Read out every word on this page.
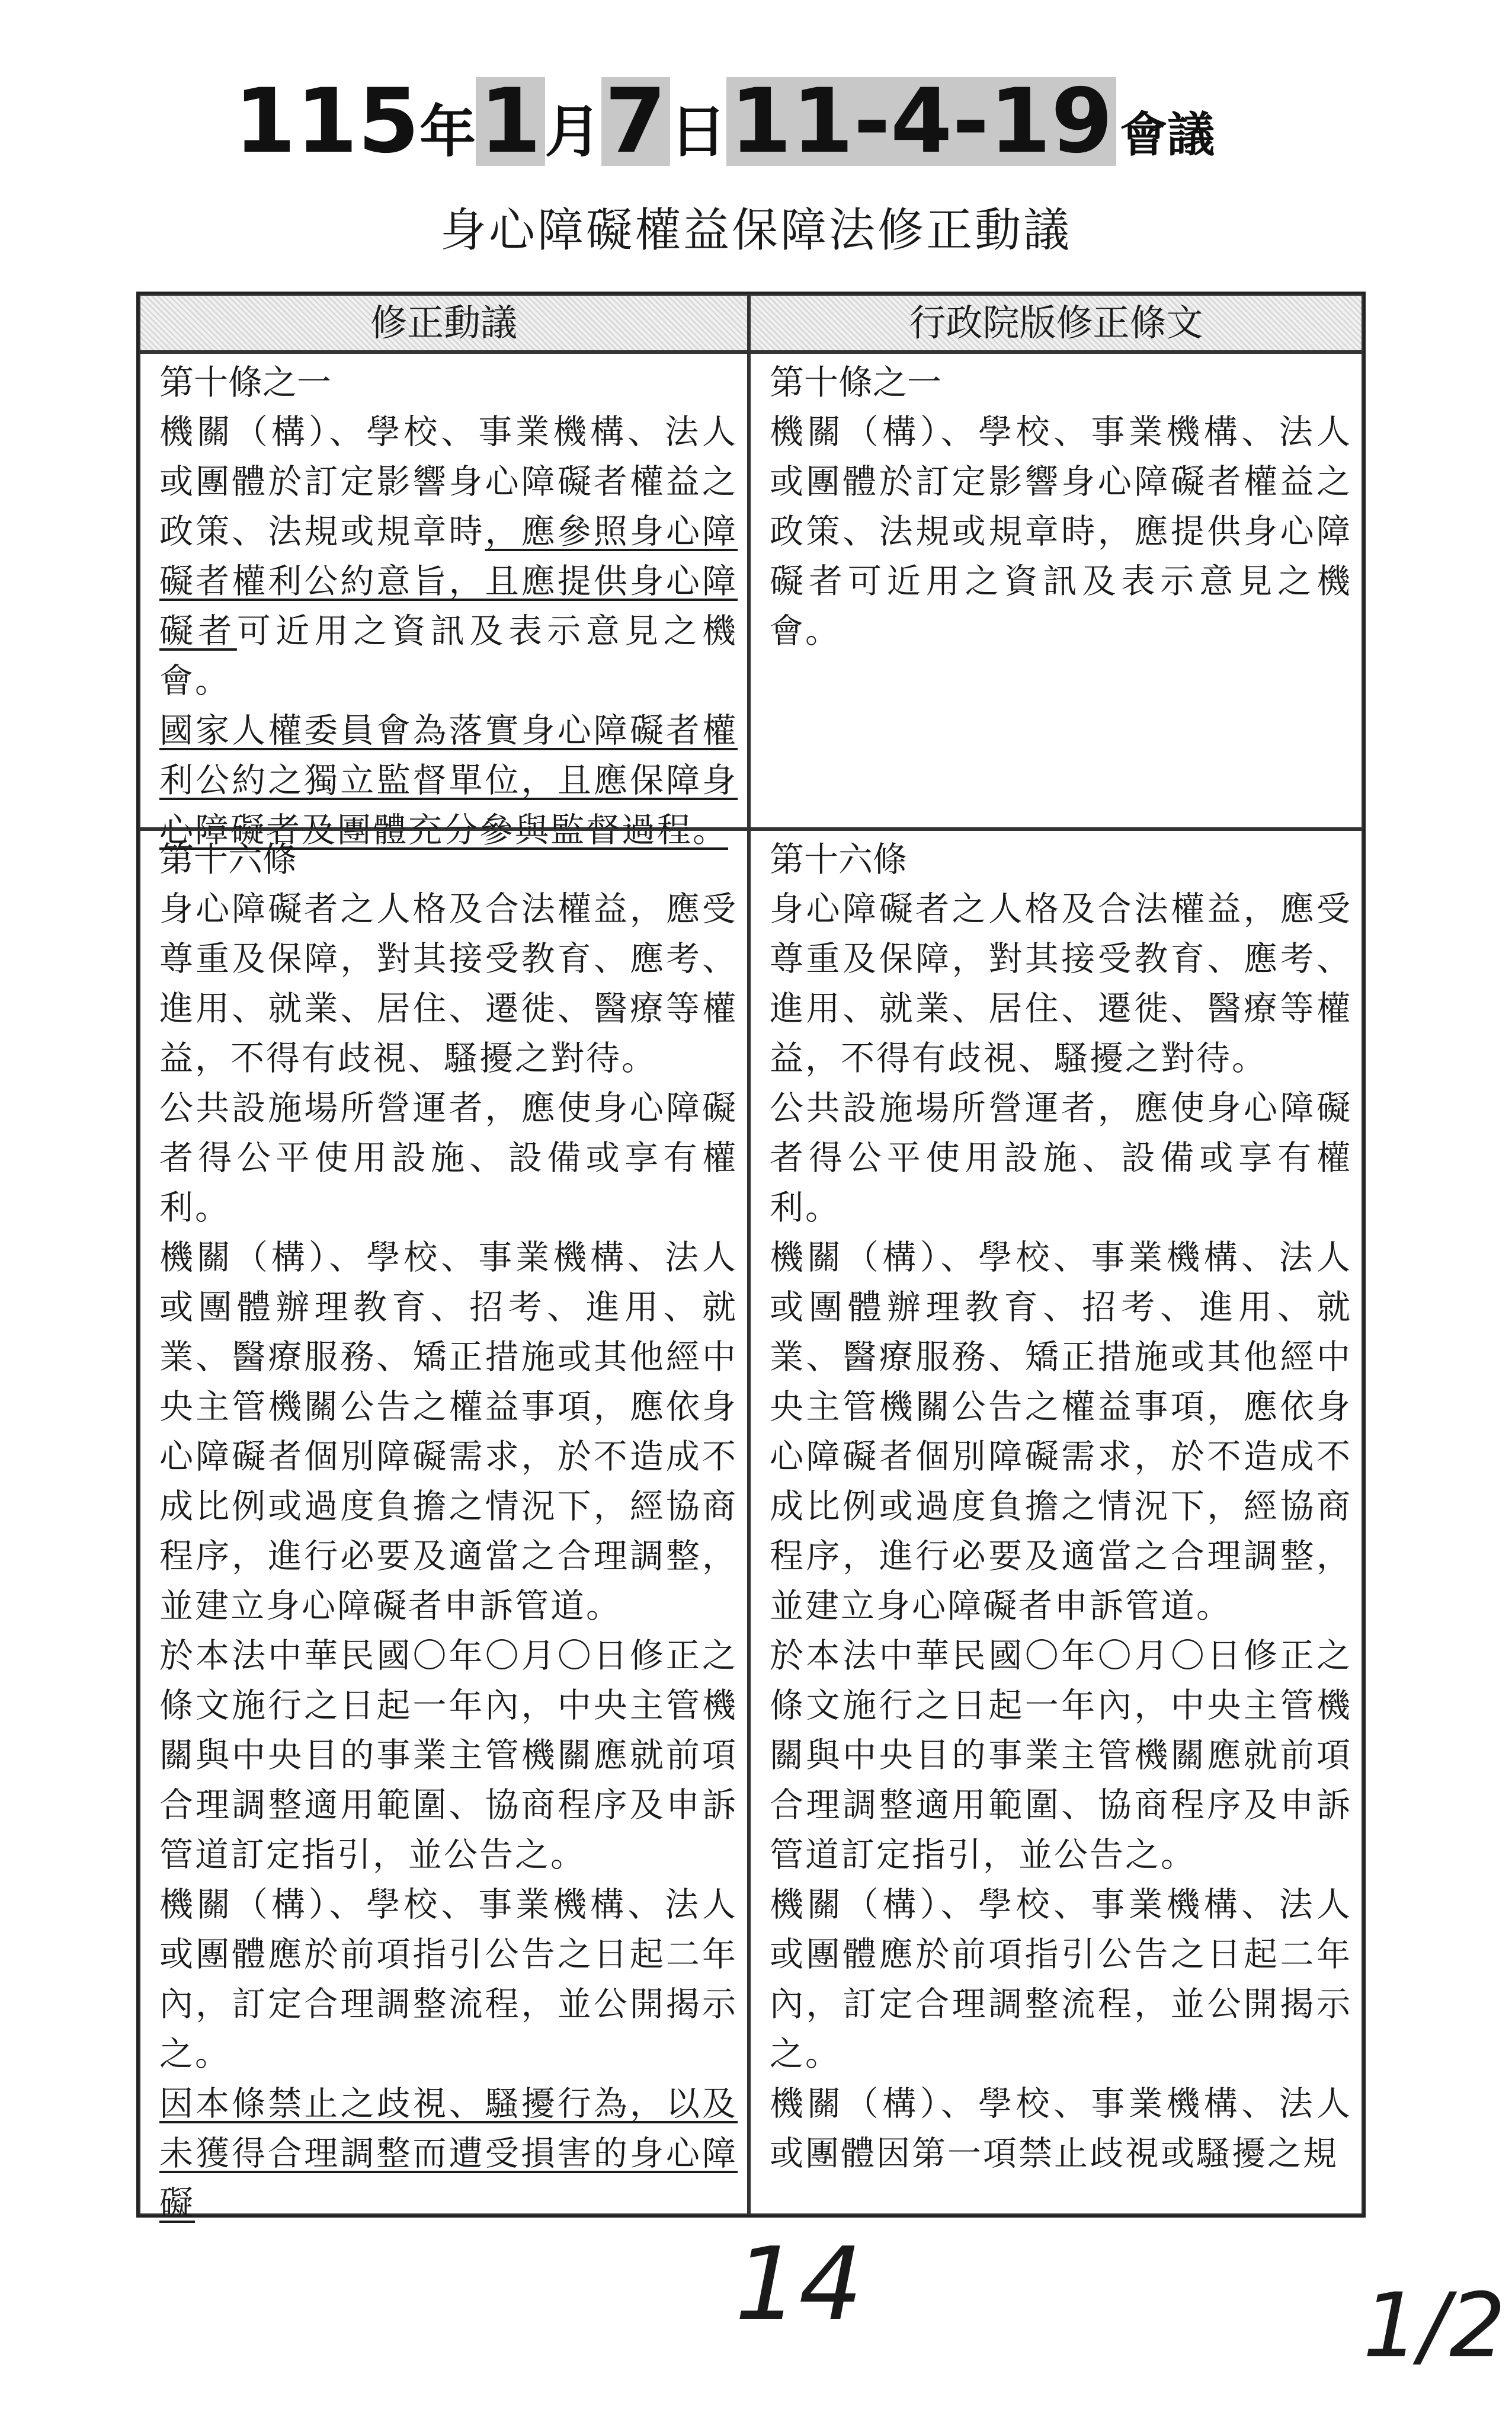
115 年 1 月 7 日 11-4-19 會議
身心障礙權益保障法修正動議
修正動議	行政院版修正條文
第十條之一
機關（構）、學校、事業機構、法人或團體於訂定影響身心障礙者權益之政策、法規或規章時，應參照身心障礙者權利公約意旨，且應提供身心障礙者可近用之資訊及表示意見之機會。
國家人權委員會為落實身心障礙者權利公約之獨立監督單位，且應保障身心障礙者及團體充分參與監督過程。
第十條之一
機關（構）、學校、事業機構、法人或團體於訂定影響身心障礙者權益之政策、法規或規章時，應提供身心障礙者可近用之資訊及表示意見之機會。
第十六條
身心障礙者之人格及合法權益，應受尊重及保障，對其接受教育、應考、進用、就業、居住、遷徙、醫療等權益，不得有歧視、騷擾之對待。
公共設施場所營運者，應使身心障礙者得公平使用設施、設備或享有權利。
機關（構）、學校、事業機構、法人或團體辦理教育、招考、進用、就業、醫療服務、矯正措施或其他經中央主管機關公告之權益事項，應依身心障礙者個別障礙需求，於不造成不成比例或過度負擔之情況下，經協商程序，進行必要及適當之合理調整，並建立身心障礙者申訴管道。
於本法中華民國〇年〇月〇日修正之條文施行之日起一年內，中央主管機關與中央目的事業主管機關應就前項合理調整適用範圍、協商程序及申訴管道訂定指引，並公告之。
機關（構）、學校、事業機構、法人或團體應於前項指引公告之日起二年內，訂定合理調整流程，並公開揭示之。
因本條禁止之歧視、騷擾行為，以及未獲得合理調整而遭受損害的身心障礙
第十六條
身心障礙者之人格及合法權益，應受尊重及保障，對其接受教育、應考、進用、就業、居住、遷徙、醫療等權益，不得有歧視、騷擾之對待。
公共設施場所營運者，應使身心障礙者得公平使用設施、設備或享有權利。
機關（構）、學校、事業機構、法人或團體辦理教育、招考、進用、就業、醫療服務、矯正措施或其他經中央主管機關公告之權益事項，應依身心障礙者個別障礙需求，於不造成不成比例或過度負擔之情況下，經協商程序，進行必要及適當之合理調整，並建立身心障礙者申訴管道。
於本法中華民國〇年〇月〇日修正之條文施行之日起一年內，中央主管機關與中央目的事業主管機關應就前項合理調整適用範圍、協商程序及申訴管道訂定指引，並公告之。
機關（構）、學校、事業機構、法人或團體應於前項指引公告之日起二年內，訂定合理調整流程，並公開揭示之。
機關（構）、學校、事業機構、法人或團體因第一項禁止歧視或騷擾之規
14	1/2
